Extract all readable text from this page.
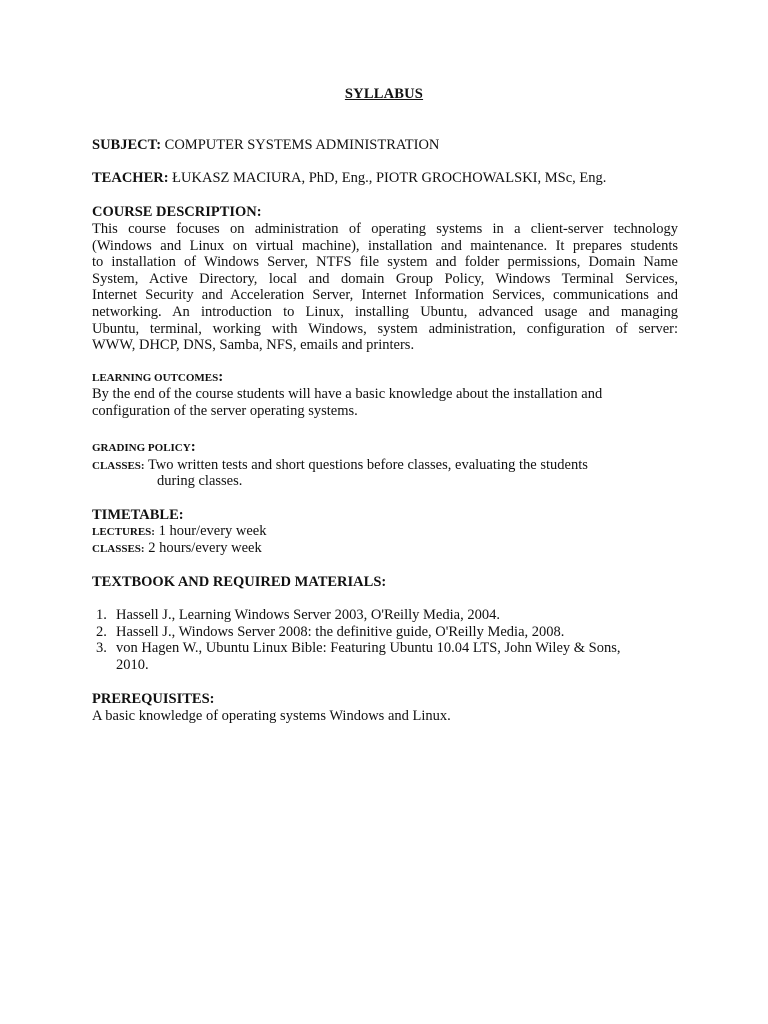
SYLLABUS

SUBJECT: COMPUTER SYSTEMS ADMINISTRATION

TEACHER: ŁUKASZ MACIURA, PhD, Eng., PIOTR GROCHOWALSKI, MSc, Eng.

COURSE DESCRIPTION:

This course focuses on administration of operating systems in a client-server technology
(Windows and Linux on virtual machine), installation and maintenance. It prepares students
to installation of Windows Server, NTFS file system and folder permissions, Domain Name
System, Active Directory, local and domain Group Policy, Windows Terminal Services,
Internet Security and Acceleration Server, Internet Information Services, communications and
networking. An introduction to Linux, installing Ubuntu, advanced usage and managing
Ubuntu, terminal, working with Windows, system administration, configuration of server:
WWW, DHCP, DNS, Samba, NFS, emails and printers.

LEARNING OUTCOMES:

By the end of the course students will have a basic knowledge about the installation and
configuration of the server operating systems.

GRADING POLICY:

CLASSES: Two written tests and short questions before classes, evaluating the students

during classes.

TIMETABLE:

LECTURES: 1 hour/every week

CLASSES: 2 hours/every week

TEXTBOOK AND REQUIRED MATERIALS:

1. Hassell J., Learning Windows Server 2003, O'Reilly Media, 2004.
2. Hassell J., Windows Server 2008: the definitive guide, O'Reilly Media, 2008.
3. von Hagen W., Ubuntu Linux Bible: Featuring Ubuntu 10.04 LTS, John Wiley & Sons,
2010.

PREREQUISITES:

A basic knowledge of operating systems Windows and Linux.
